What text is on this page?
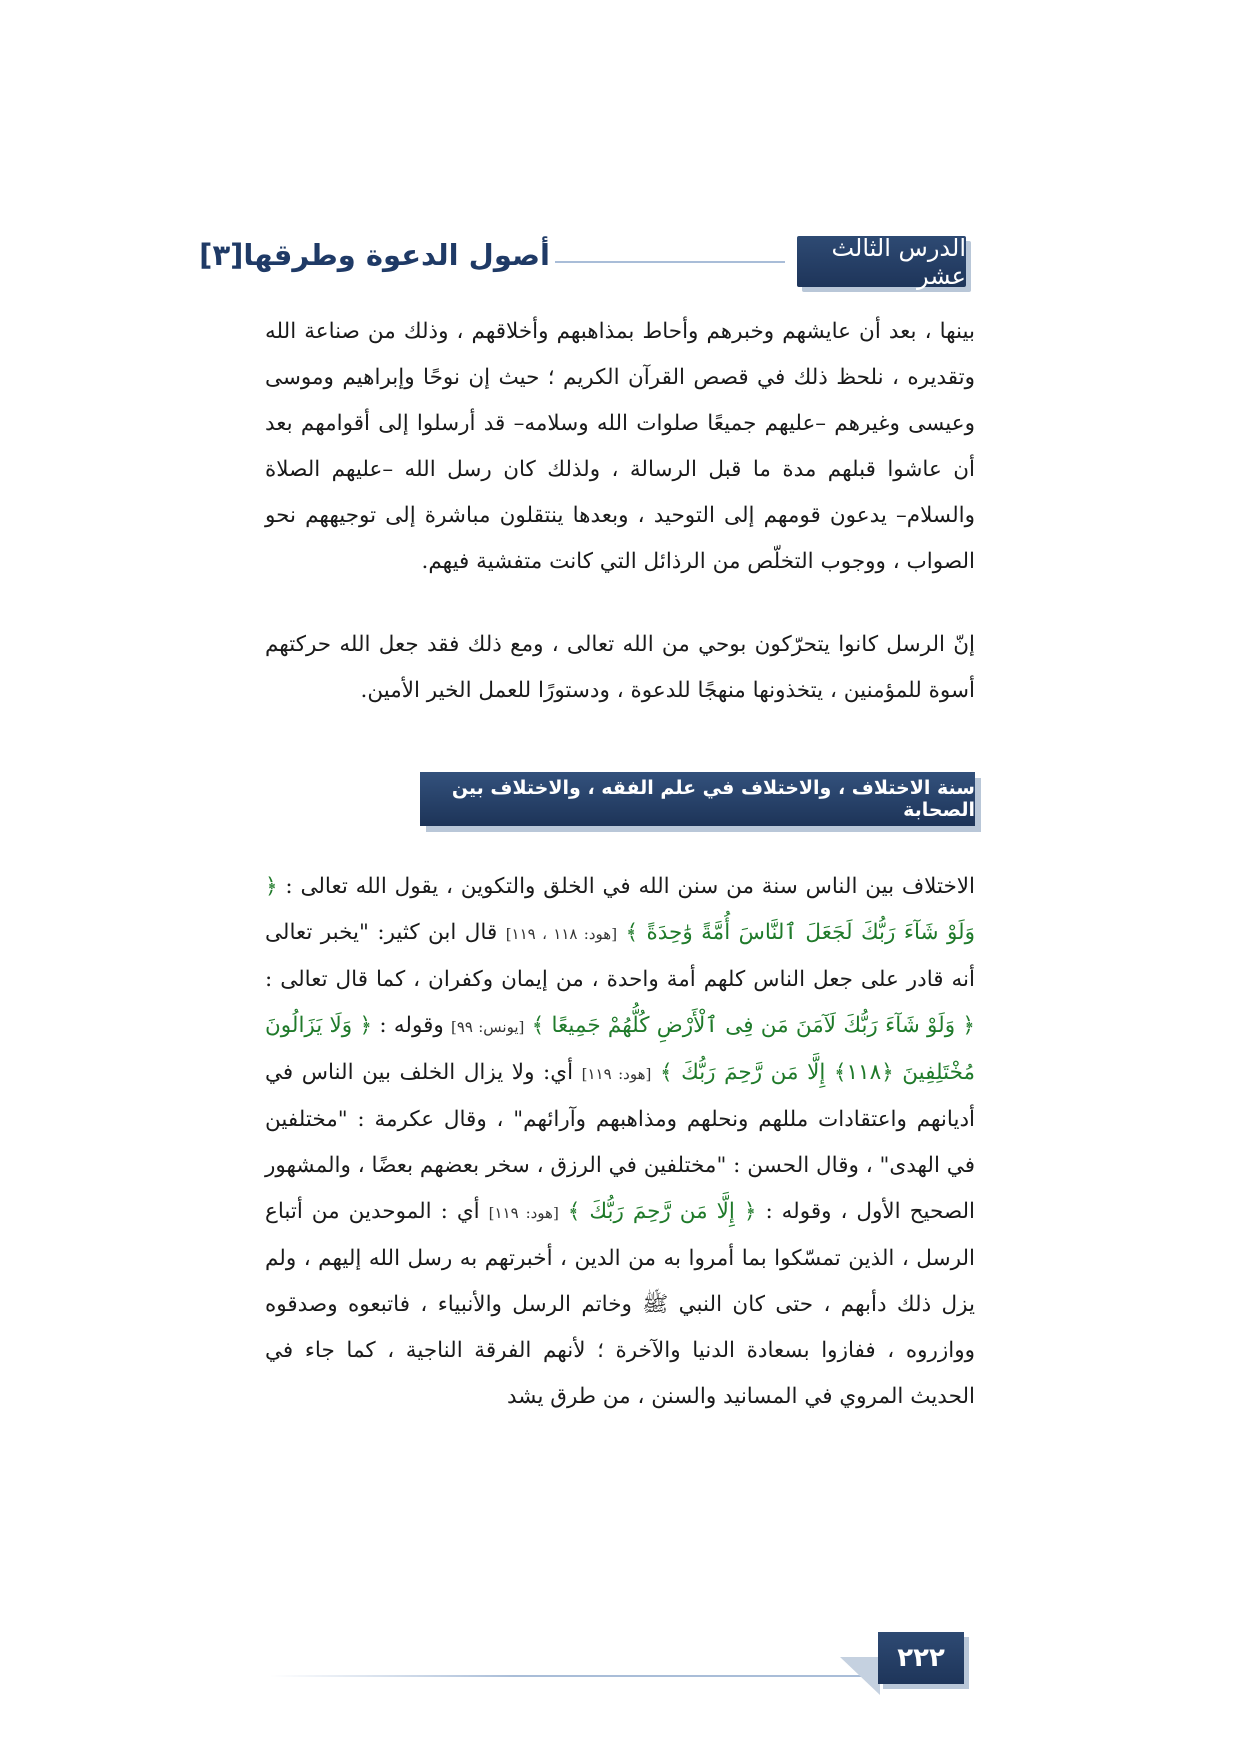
الدرس الثالث عشر
أصول الدعوة وطرقها[٣]

بينها ، بعد أن عايشهم وخبرهم وأحاط بمذاهبهم وأخلاقهم ، وذلك من صناعة الله وتقديره ، نلحظ ذلك في قصص القرآن الكريم ؛ حيث إن نوحًا وإبراهيم وموسى وعيسى وغيرهم –عليهم جميعًا صلوات الله وسلامه– قد أرسلوا إلى أقوامهم بعد أن عاشوا قبلهم مدة ما قبل الرسالة ، ولذلك كان رسل الله –عليهم الصلاة والسلام– يدعون قومهم إلى التوحيد ، وبعدها ينتقلون مباشرة إلى توجيههم نحو الصواب ، ووجوب التخلّص من الرذائل التي كانت متفشية فيهم.

إنّ الرسل كانوا يتحرّكون بوحي من الله تعالى ، ومع ذلك فقد جعل الله حركتهم أسوة للمؤمنين ، يتخذونها منهجًا للدعوة ، ودستورًا للعمل الخير الأمين.

سنة الاختلاف ، والاختلاف في علم الفقه ، والاختلاف بين الصحابة

الاختلاف بين الناس سنة من سنن الله في الخلق والتكوين ، يقول الله تعالى : ﴿ وَلَوْ شَآءَ رَبُّكَ لَجَعَلَ ٱلنَّاسَ أُمَّةً وَٰحِدَةً ﴾ [هود: ١١٨ ، ١١٩] قال ابن كثير: "يخبر تعالى أنه قادر على جعل الناس كلهم أمة واحدة ، من إيمان وكفران ، كما قال تعالى : ﴿ وَلَوْ شَآءَ رَبُّكَ لَآمَنَ مَن فِى ٱلْأَرْضِ كُلُّهُمْ جَمِيعًا ﴾ [يونس: ٩٩] وقوله : ﴿ وَلَا يَزَالُونَ مُخْتَلِفِينَ ﴿١١٨﴾ إِلَّا مَن رَّحِمَ رَبُّكَ ﴾ [هود: ١١٩] أي: ولا يزال الخلف بين الناس في أديانهم واعتقادات مللهم ونحلهم ومذاهبهم وآرائهم" ، وقال عكرمة : "مختلفين في الهدى" ، وقال الحسن : "مختلفين في الرزق ، سخر بعضهم بعضًا ، والمشهور الصحيح الأول ، وقوله : ﴿ إِلَّا مَن رَّحِمَ رَبُّكَ ﴾ [هود: ١١٩] أي : الموحدين من أتباع الرسل ، الذين تمسّكوا بما أمروا به من الدين ، أخبرتهم به رسل الله إليهم ، ولم يزل ذلك دأبهم ، حتى كان النبي ﷺ وخاتم الرسل والأنبياء ، فاتبعوه وصدقوه ووازروه ، ففازوا بسعادة الدنيا والآخرة ؛ لأنهم الفرقة الناجية ، كما جاء في الحديث المروي في المسانيد والسنن ، من طرق يشد

٢٢٢
